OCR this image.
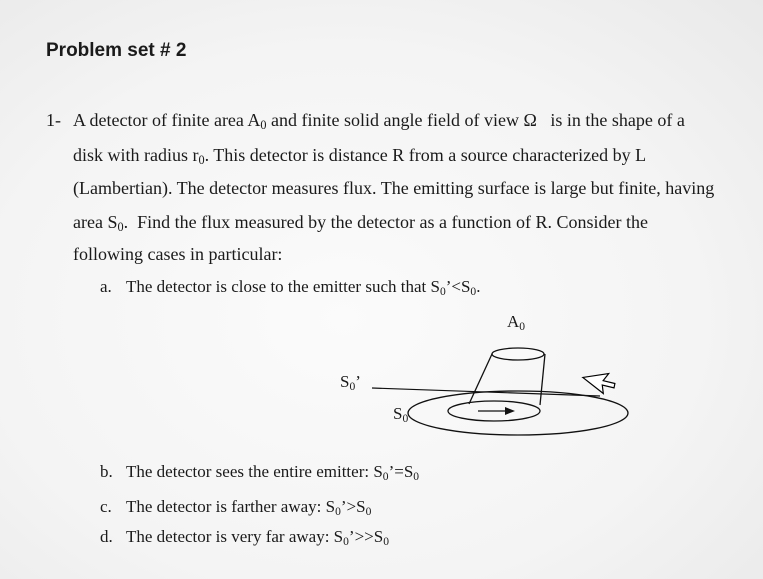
Problem set # 2
1- A detector of finite area $A_0$ and finite solid angle field of view Ω   is in the shape of a
disk with radius $r_0$. This detector is distance R from a source characterized by L
(Lambertian). The detector measures flux. The emitting surface is large but finite, having
area $S_0$.  Find the flux measured by the detector as a function of R. Consider the
following cases in particular:
a. The detector is close to the emitter such that $S_0’<S_0$.
$A_0$
$S_0$’
$S_0$
b. The detector sees the entire emitter: $S_0’=S_0$
c. The detector is farther away: $S_0’>S_0$
d. The detector is very far away: $S_0’>>S_0$
